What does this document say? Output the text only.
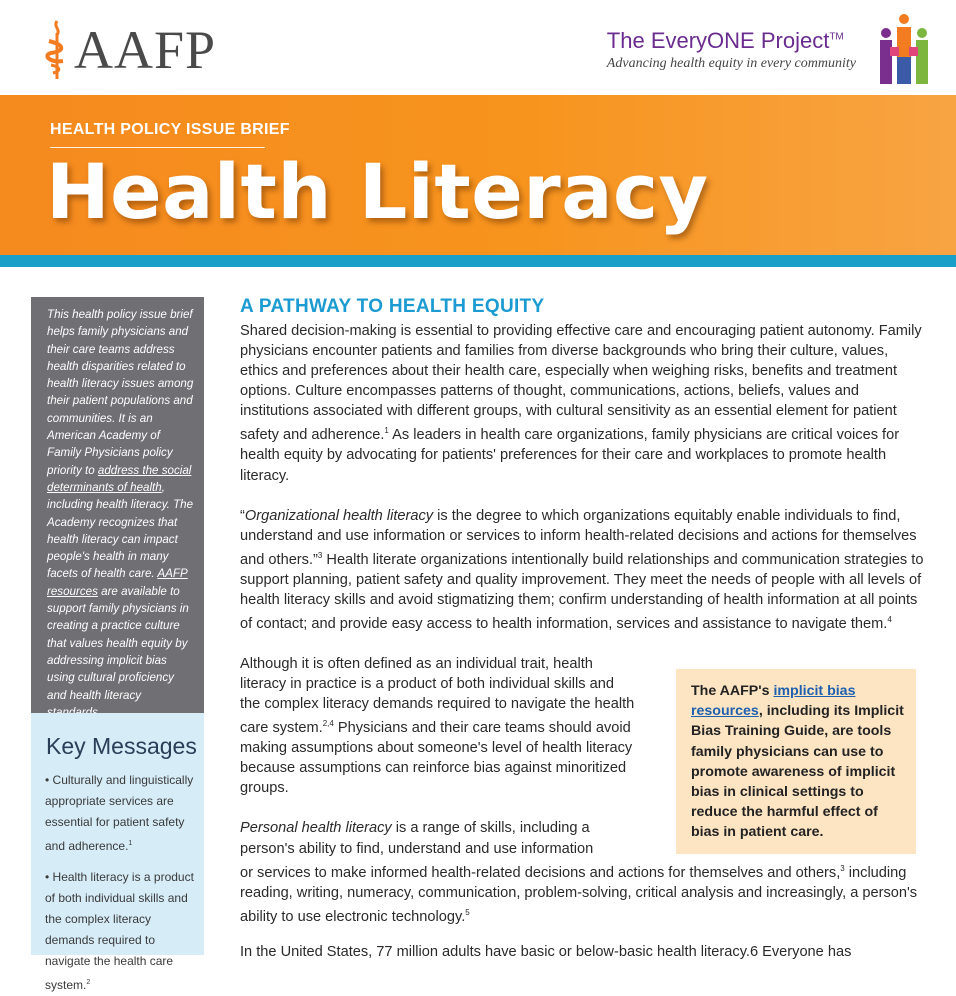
AAFP	The EveryONE Project™
Advancing health equity in every community
HEALTH POLICY ISSUE BRIEF
Health Literacy

This health policy issue brief helps family physicians and their care teams address health disparities related to health literacy issues among their patient populations and communities. It is an American Academy of Family Physicians policy priority to address the social determinants of health, including health literacy. The Academy recognizes that health literacy can impact people's health in many facets of health care. AAFP resources are available to support family physicians in creating a practice culture that values health equity by addressing implicit bias using cultural proficiency and health literacy

Key Messages
• Culturally and linguistically appropriate services are essential for patient safety and adherence.$^1$
• Health literacy is a product of both individual skills and the complex literacy demands required to navigate the health care system.$^2$
A PATHWAY TO HEALTH EQUITY

Shared decision-making is essential to providing effective care and encouraging patient autonomy. Family physicians encounter patients and families from diverse backgrounds who bring their culture, values, ethics and preferences about their health care, especially when weighing risks, benefits and treatment options. Culture encompasses patterns of thought, communications, actions, beliefs, values and institutions associated with different groups, with cultural sensitivity as an essential element for patient safety and adherence.$^1$ As leaders in health care organizations, family physicians are critical voices for health equity by advocating for patients' preferences for their care and workplaces to promote health literacy.

“Organizational health literacy is the degree to which organizations equitably enable individuals to find, understand and use information or services to inform health-related decisions and actions for themselves and others.”$^3$ Health literate organizations intentionally build relationships and communication strategies to support planning, patient safety and quality improvement. They meet the needs of people with all levels of health literacy skills and avoid stigmatizing them; confirm understanding of health information at all points of contact; and provide easy access to health information, services and assistance to navigate them.$^4$

Although it is often defined as an individual trait, health literacy in practice is a product of both individual skills and the complex literacy demands required to navigate the health care system.$^{2,4}$ Physicians and their care teams should avoid making assumptions about someone's level of health literacy because assumptions can reinforce bias against minoritized groups.

Personal health literacy is a range of skills, including a person's ability to find, understand and use information
or services to make informed health-related decisions and actions for themselves and others,$^3$ including reading, writing, numeracy, communication, problem-solving, critical analysis and increasingly, a person's ability to use electronic technology.$^5$

The AAFP's implicit bias resources, including its Implicit Bias Training Guide, are tools family physicians can use to promote awareness of implicit bias in clinical settings to reduce the harmful effect of bias in patient care.
In the United States, 77 million adults have basic or below-basic health literacy.6 Everyone has
